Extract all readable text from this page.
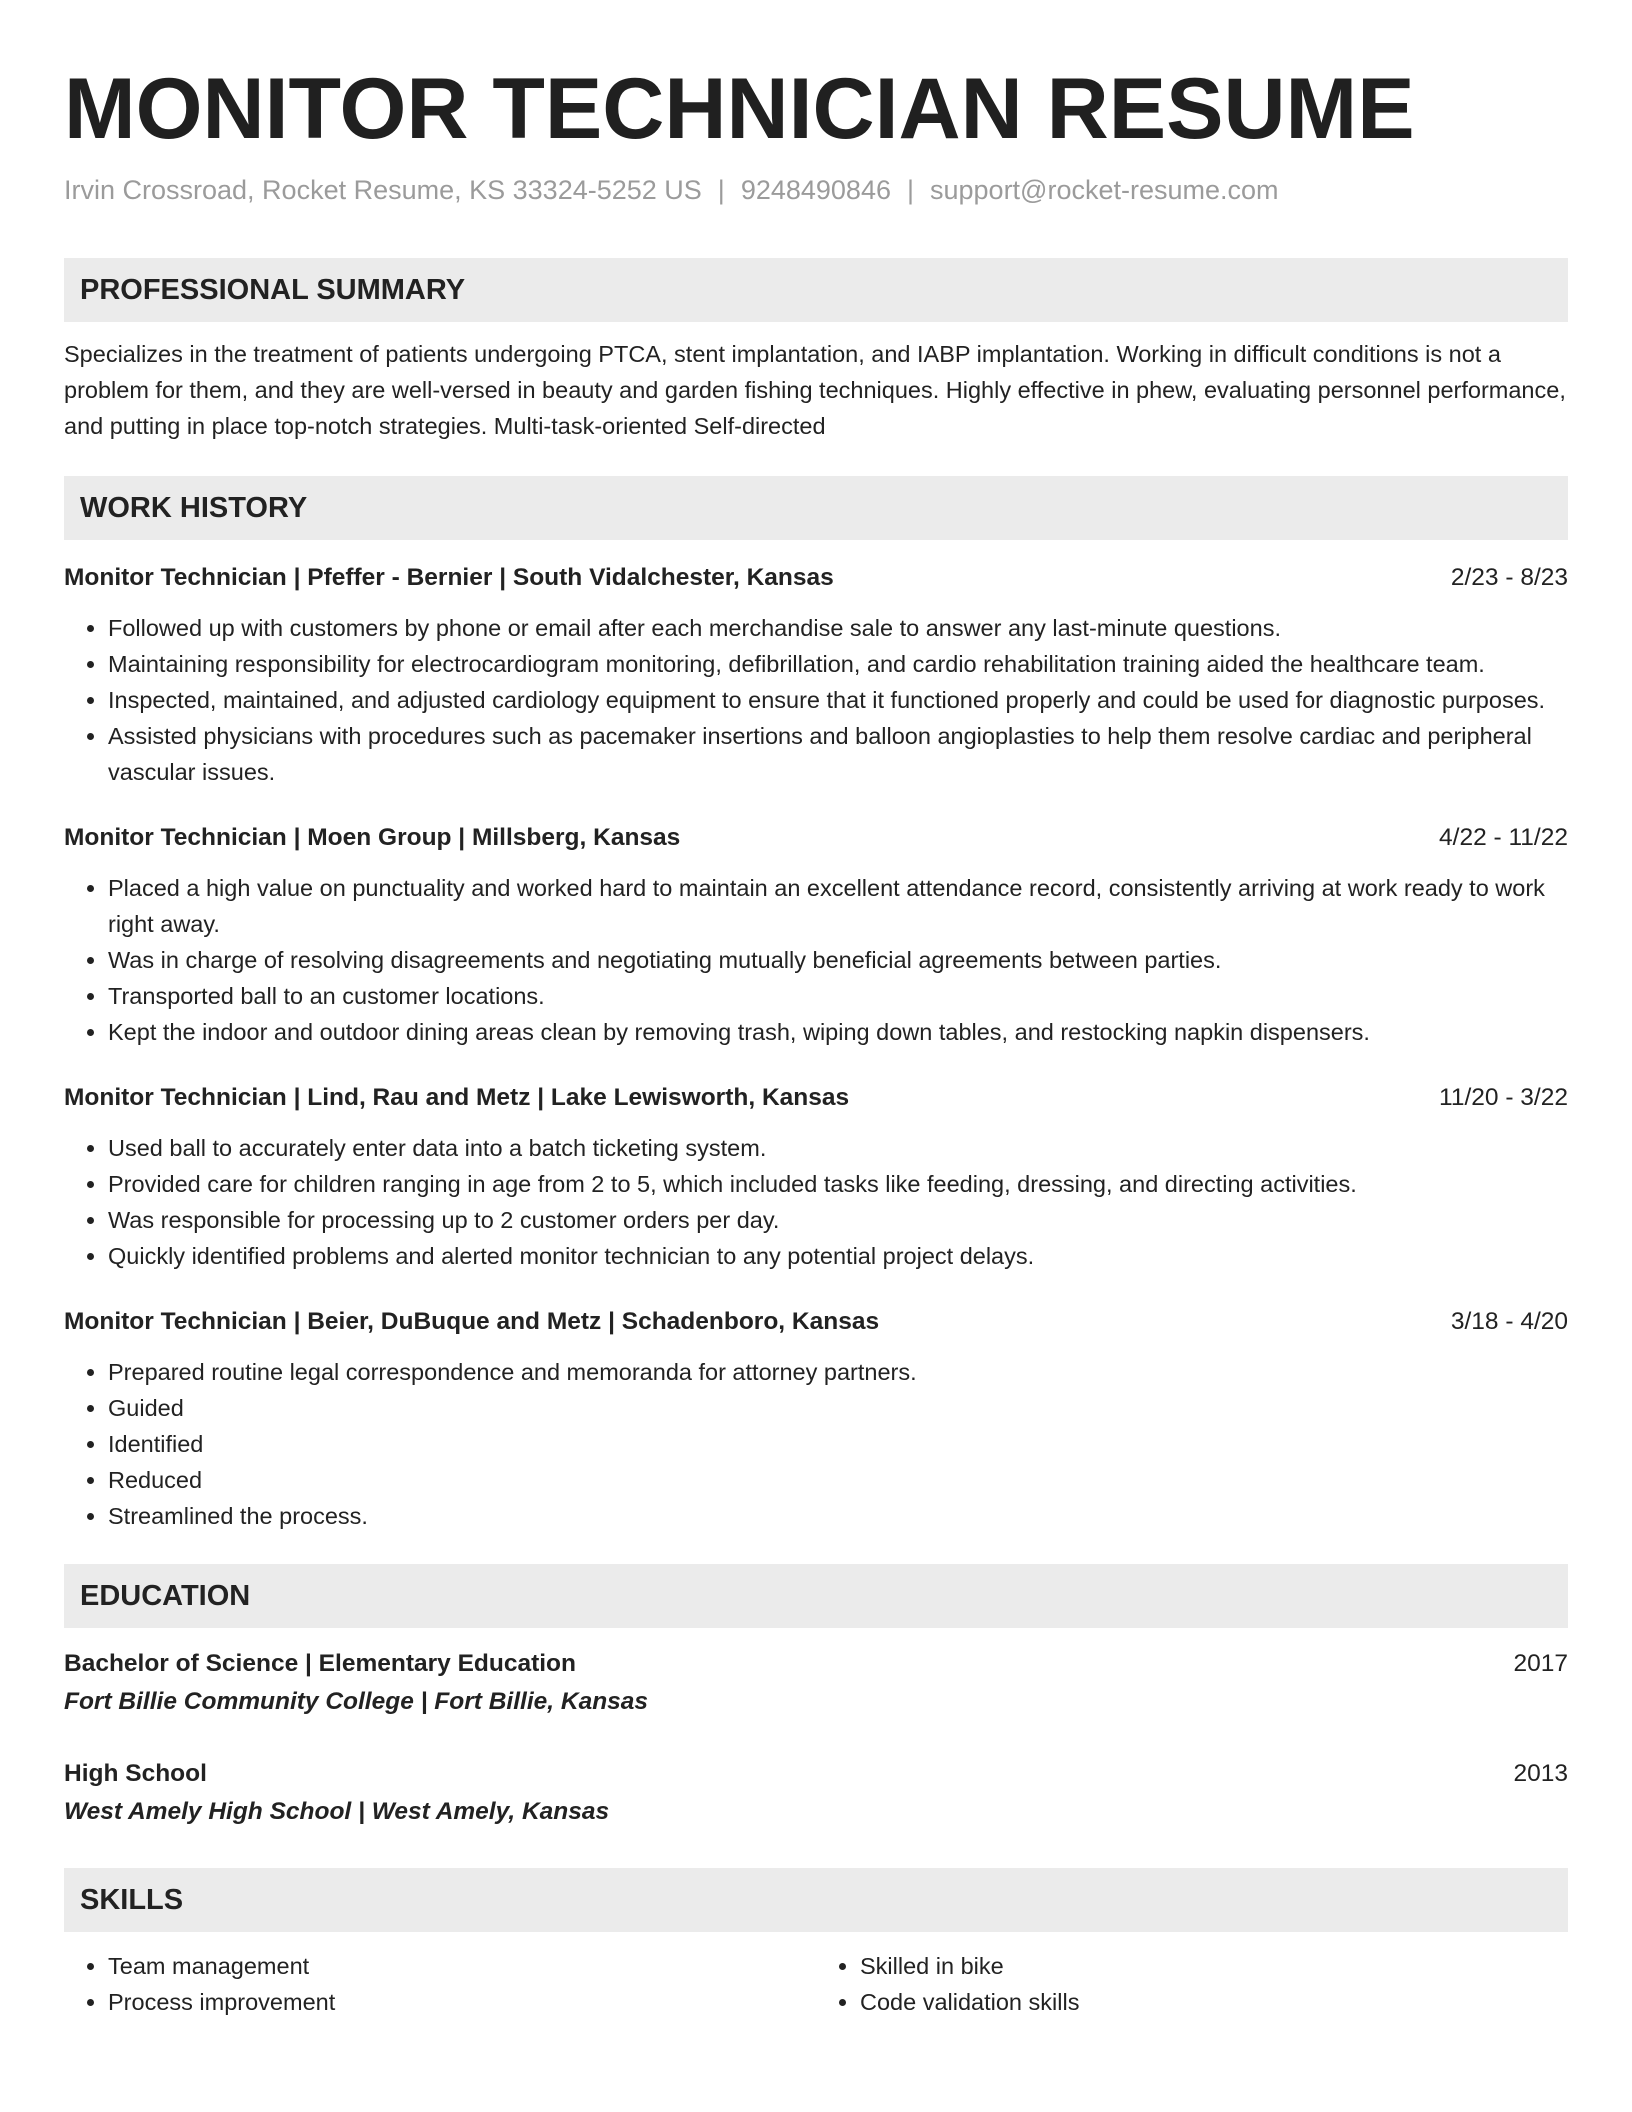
MONITOR TECHNICIAN RESUME
Irvin Crossroad, Rocket Resume, KS 33324-5252 US | 9248490846 | support@rocket-resume.com
PROFESSIONAL SUMMARY
Specializes in the treatment of patients undergoing PTCA, stent implantation, and IABP implantation. Working in difficult conditions is not a problem for them, and they are well-versed in beauty and garden fishing techniques. Highly effective in phew, evaluating personnel performance, and putting in place top-notch strategies. Multi-task-oriented Self-directed
WORK HISTORY
Monitor Technician | Pfeffer - Bernier | South Vidalchester, Kansas	2/23 - 8/23
• Followed up with customers by phone or email after each merchandise sale to answer any last-minute questions.
• Maintaining responsibility for electrocardiogram monitoring, defibrillation, and cardio rehabilitation training aided the healthcare team.
• Inspected, maintained, and adjusted cardiology equipment to ensure that it functioned properly and could be used for diagnostic purposes.
• Assisted physicians with procedures such as pacemaker insertions and balloon angioplasties to help them resolve cardiac and peripheral vascular issues.
Monitor Technician | Moen Group | Millsberg, Kansas	4/22 - 11/22
• Placed a high value on punctuality and worked hard to maintain an excellent attendance record, consistently arriving at work ready to work right away.
• Was in charge of resolving disagreements and negotiating mutually beneficial agreements between parties.
• Transported ball to an customer locations.
• Kept the indoor and outdoor dining areas clean by removing trash, wiping down tables, and restocking napkin dispensers.
Monitor Technician | Lind, Rau and Metz | Lake Lewisworth, Kansas	11/20 - 3/22
• Used ball to accurately enter data into a batch ticketing system.
• Provided care for children ranging in age from 2 to 5, which included tasks like feeding, dressing, and directing activities.
• Was responsible for processing up to 2 customer orders per day.
• Quickly identified problems and alerted monitor technician to any potential project delays.
Monitor Technician | Beier, DuBuque and Metz | Schadenboro, Kansas	3/18 - 4/20
• Prepared routine legal correspondence and memoranda for attorney partners.
• Guided
• Identified
• Reduced
• Streamlined the process.
EDUCATION
Bachelor of Science | Elementary Education	2017
Fort Billie Community College | Fort Billie, Kansas
High School	2013
West Amely High School | West Amely, Kansas
SKILLS
• Team management
• Process improvement
• Skilled in bike
• Code validation skills
